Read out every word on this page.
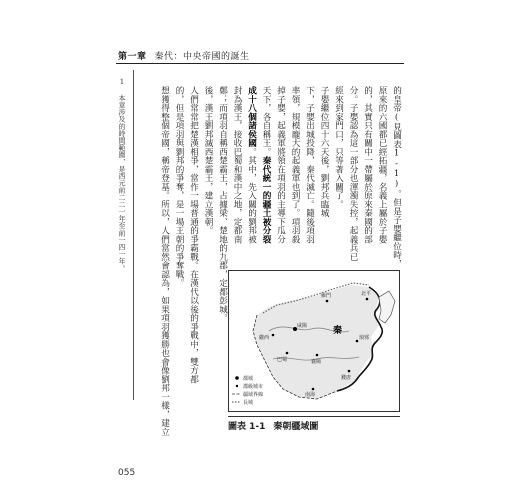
第一章 秦代：中央帝國的誕生
的皇帝(見圖表1-1)。但是子嬰繼位時，
原來的六國都已經拓疆，名義上屬於子嬰
的，其實只有關中一帶屬於原來秦國的部
分。子嬰認為這一部分也渾濁失控，起義兵已
經來到家門口，只等著入關了。
子嬰繼位四十六天後，劉邦兵臨城
下，子嬰出城投降，秦代滅亡。隨後項羽
率領，規模龐大的起義軍也到了。項羽殺
掉子嬰，起義軍將領在項羽的主導下瓜分
天下，各自稱王。秦代統一的疆土被分裂
成十八個諸侯國。其中，先入關的劉邦被
封為漢王，接收巴蜀和漢中之地，定都南
鄭；而項羽自稱西楚霸王，占據梁、楚地的九郡，定都彭城。
後，漢王劉邦滅西楚霸王，建立漢朝。
人們常常把楚漢相爭，當作一場普通的爭霸戰。在漢代以後的爭戰中，雙方都
的，但是項羽與劉邦的爭奪，是一場王朝的爭奪戰。
想獲得整個帝國，稱帝登基。所以，人們當然會認為，如果項羽獲勝也會像劉邦一樣，建立
1 本章涉及的時間範圍，是西元前二二一年至前一四一年。
秦
隴西
雁門
咸陽
巴蜀	襄陽
琅邪
錢唐
南海
北平
都城
郡級城市
疆域界線
長城
圖表 1-1 秦朝疆域圖
055
